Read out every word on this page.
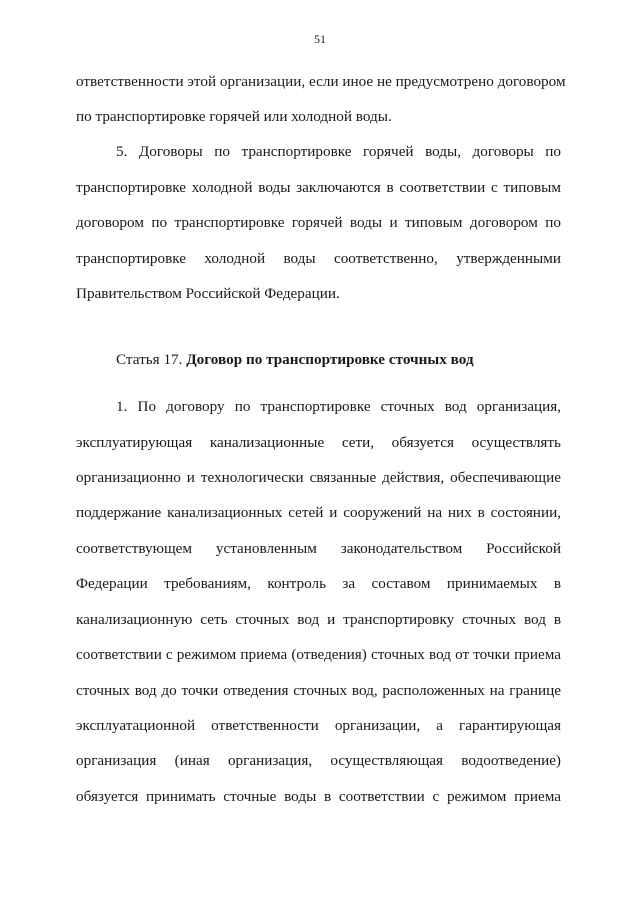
51
ответственности этой организации, если иное не предусмотрено договором
по транспортировке горячей или холодной воды.
5. Договоры по транспортировке горячей воды, договоры по
транспортировке холодной воды заключаются в соответствии с типовым
договором по транспортировке горячей воды и типовым договором по
транспортировке холодной воды соответственно, утвержденными
Правительством Российской Федерации.
Статья 17. Договор по транспортировке сточных вод
1. По договору по транспортировке сточных вод организация,
эксплуатирующая канализационные сети, обязуется осуществлять
организационно и технологически связанные действия, обеспечивающие
поддержание канализационных сетей и сооружений на них в состоянии,
соответствующем установленным законодательством Российской
Федерации требованиям, контроль за составом принимаемых в
канализационную сеть сточных вод и транспортировку сточных вод в
соответствии с режимом приема (отведения) сточных вод от точки приема
сточных вод до точки отведения сточных вод, расположенных на границе
эксплуатационной ответственности организации, а гарантирующая
организация (иная организация, осуществляющая водоотведение)
обязуется принимать сточные воды в соответствии с режимом приема
